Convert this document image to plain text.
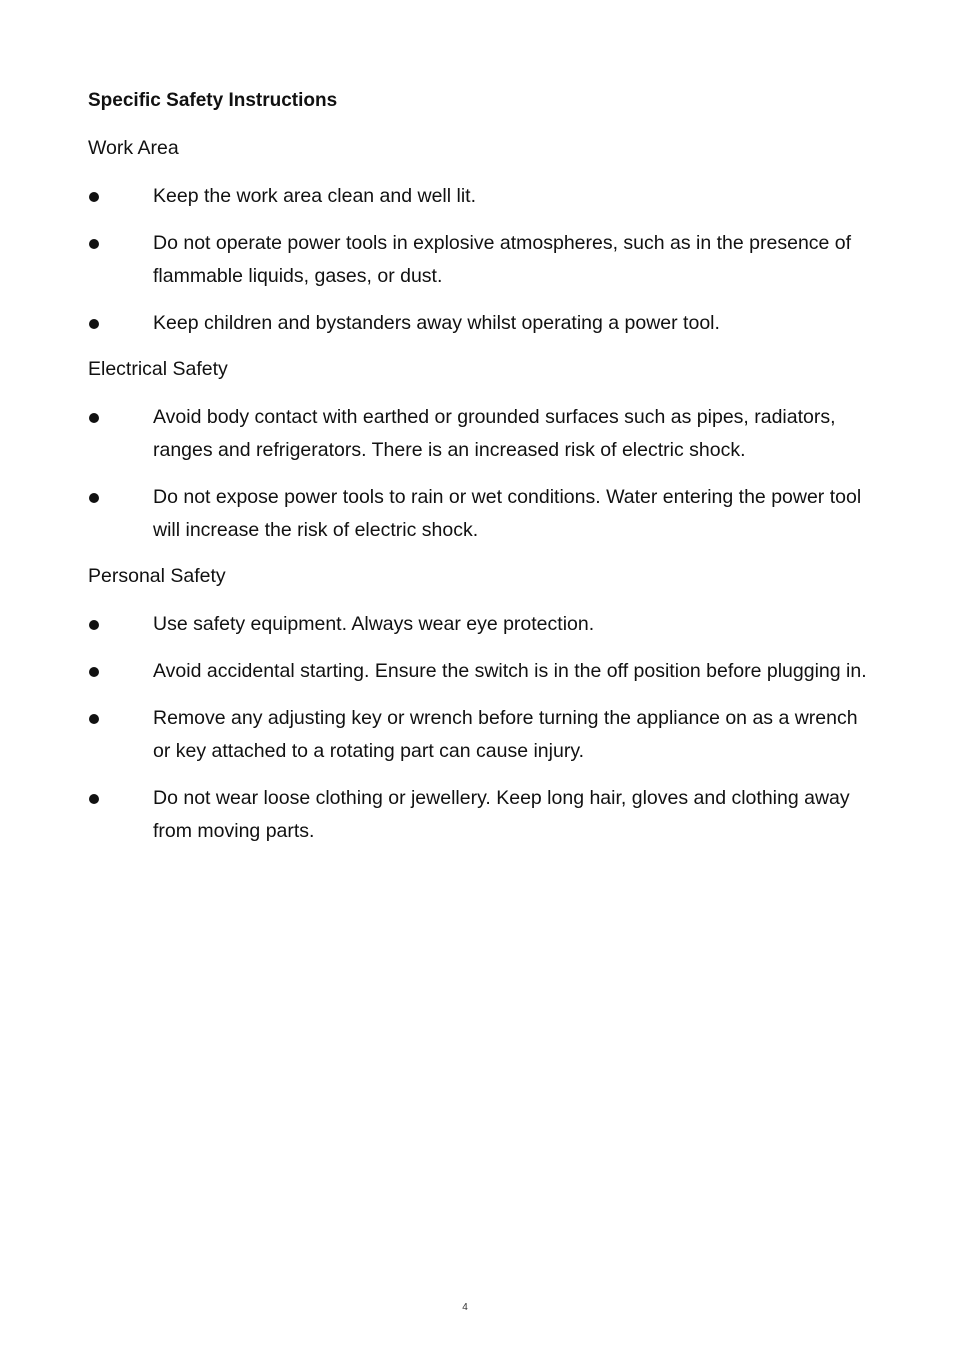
Specific Safety Instructions
Work Area
Keep the work area clean and well lit.
Do not operate power tools in explosive atmospheres, such as in the presence of flammable liquids, gases, or dust.
Keep children and bystanders away whilst operating a power tool.
Electrical Safety
Avoid body contact with earthed or grounded surfaces such as pipes, radiators, ranges and refrigerators. There is an increased risk of electric shock.
Do not expose power tools to rain or wet conditions. Water entering the power tool will increase the risk of electric shock.
Personal Safety
Use safety equipment. Always wear eye protection.
Avoid accidental starting. Ensure the switch is in the off position before plugging in.
Remove any adjusting key or wrench before turning the appliance on as a wrench or key attached to a rotating part can cause injury.
Do not wear loose clothing or jewellery. Keep long hair, gloves and clothing away from moving parts.
4
